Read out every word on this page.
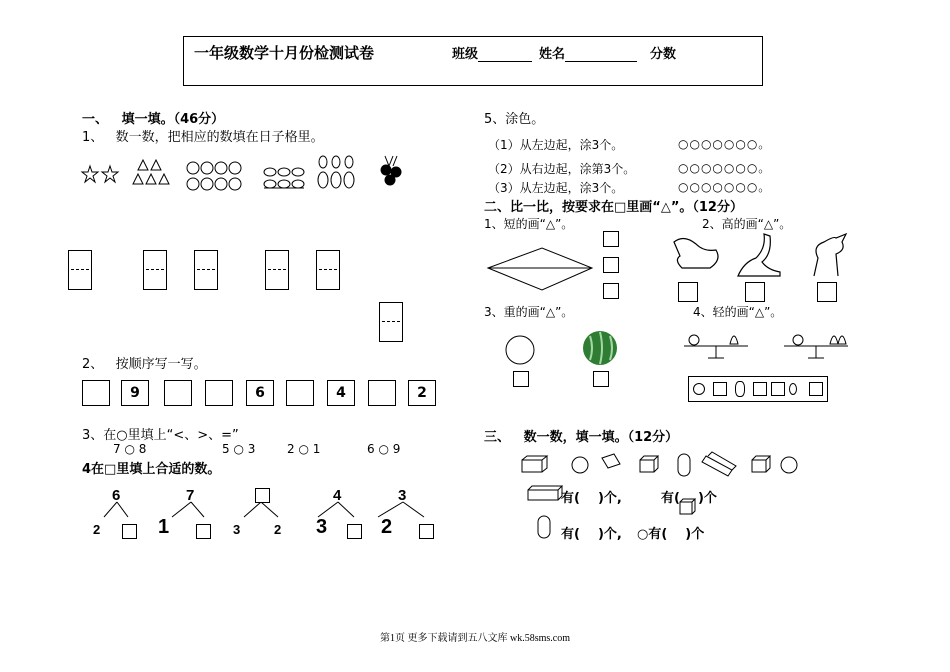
一年级数学十月份检测试卷	班级	姓名	分数
一、   填一填。（46分）
1、   数一数，把相应的数填在日子格里。
2、   按顺序写一写。
9	6	4	2
3、在○里填上“<、>、=”
7 ○ 8	5 ○ 3	2 ○ 1	6 ○ 9
4在□里填上合适的数。
6	7	4	3
2	1	3	2 3	2
5、涂色。
（1）从左边起，涂3个。	○○○○○○○。
（2）从右边起，涂第3个。	○○○○○○○。
（3）从左边起，涂3个。	○○○○○○○。
二、比一比，按要求在□里画“△”。（12分）
1、短的画“△”。	2、高的画“△”。
3、重的画“△”。	4、轻的画“△”。
三、   数一数，填一填。（12分）
有( )个,	有( )个
有( )个, ○有( )个
第1页 更多下载请到五八文库 wk.58sms.com
